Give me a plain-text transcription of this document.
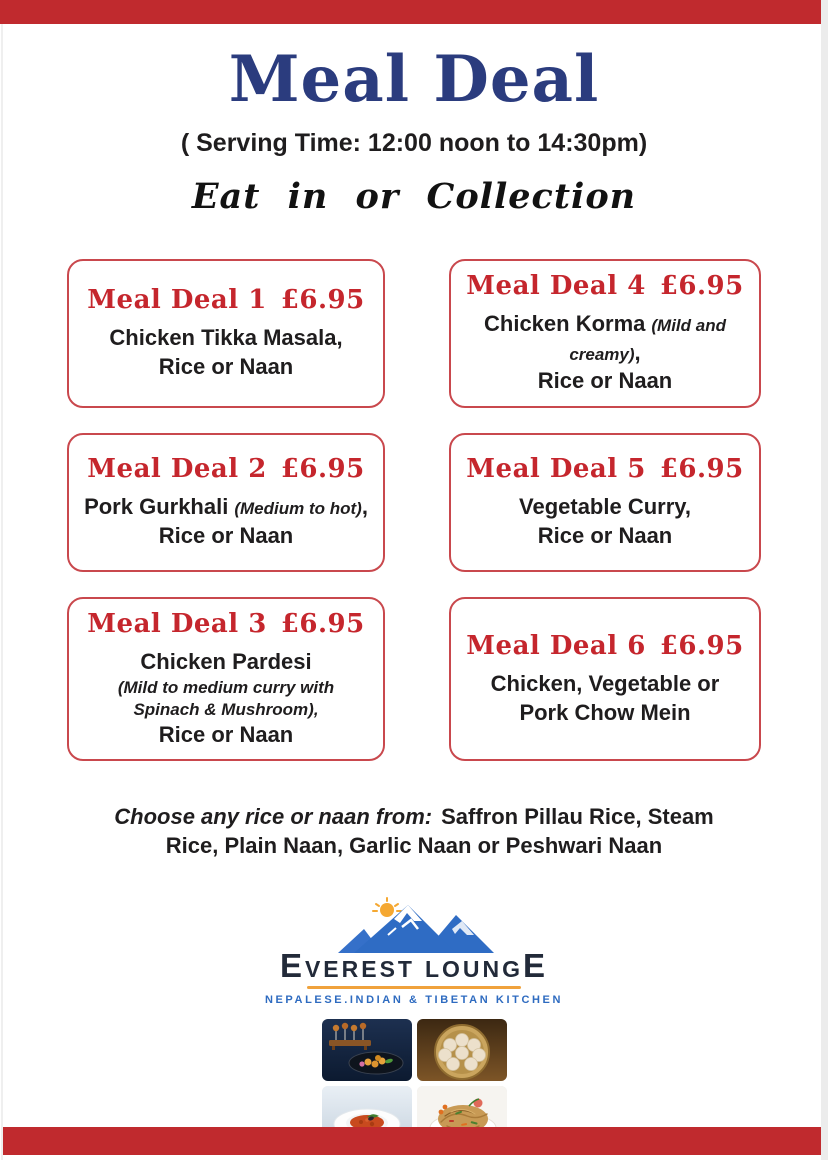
Meal Deal
( Serving Time: 12:00 noon to 14:30pm)
Eat in or Collection
Meal Deal 1 £6.95
Chicken Tikka Masala,
Rice or Naan
Meal Deal 4 £6.95
Chicken Korma (Mild and creamy),
Rice or Naan
Meal Deal 2 £6.95
Pork Gurkhali (Medium to hot),
Rice or Naan
Meal Deal 5 £6.95
Vegetable Curry,
Rice or Naan
Meal Deal 3 £6.95
Chicken Pardesi
(Mild to medium curry with Spinach & Mushroom),
Rice or Naan
Meal Deal 6 £6.95
Chicken, Vegetable or
Pork Chow Mein
Choose any rice or naan from: Saffron Pillau Rice, Steam Rice, Plain Naan, Garlic Naan or Peshwari Naan
E VEREST LOUNG E
NEPALESE.INDIAN & TIBETAN KITCHEN
